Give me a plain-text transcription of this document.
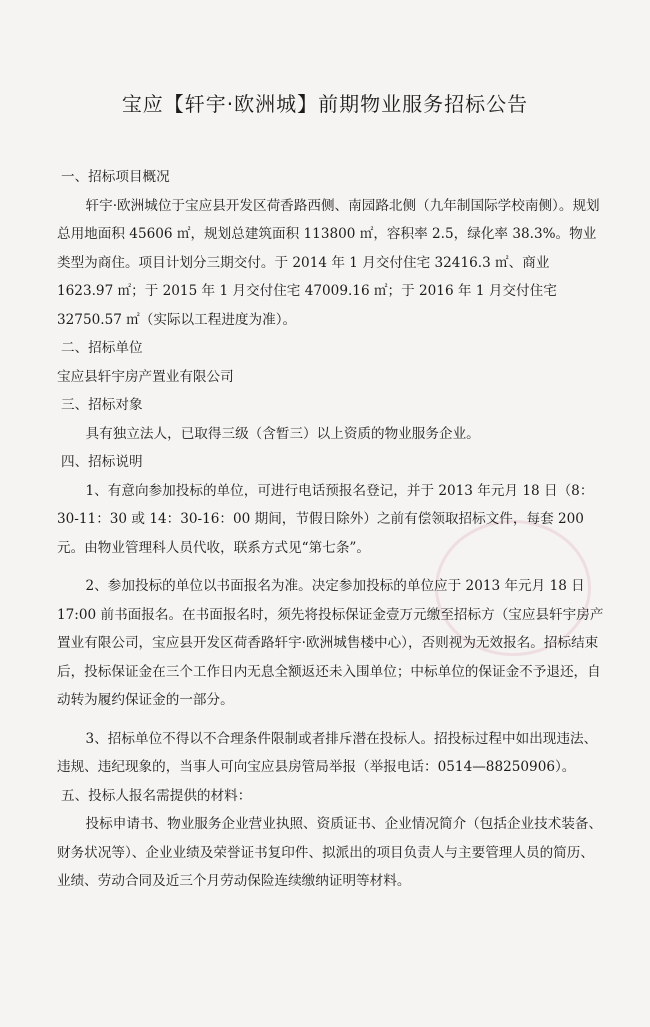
宝应【轩宇·欧洲城】前期物业服务招标公告
一、招标项目概况
轩宇·欧洲城位于宝应县开发区荷香路西侧、南园路北侧（九年制国际学校南侧）。规划总用地面积 45606 ㎡，规划总建筑面积 113800 ㎡，容积率 2.5，绿化率 38.3%。物业类型为商住。项目计划分三期交付。于 2014 年 1 月交付住宅 32416.3 ㎡、商业 1623.97 ㎡；于 2015 年 1 月交付住宅 47009.16 ㎡；于 2016 年 1 月交付住宅 32750.57 ㎡（实际以工程进度为准）。
二、招标单位
宝应县轩宇房产置业有限公司
三、招标对象
具有独立法人，已取得三级（含暂三）以上资质的物业服务企业。
四、招标说明
1、有意向参加投标的单位，可进行电话预报名登记，并于 2013 年元月 18 日（8：30-11：30 或 14：30-16：00 期间，节假日除外）之前有偿领取招标文件，每套 200 元。由物业管理科人员代收，联系方式见“第七条”。
2、参加投标的单位以书面报名为准。决定参加投标的单位应于 2013 年元月 18 日 17:00 前书面报名。在书面报名时，须先将投标保证金壹万元缴至招标方（宝应县轩宇房产置业有限公司，宝应县开发区荷香路轩宇·欧洲城售楼中心），否则视为无效报名。招标结束后，投标保证金在三个工作日内无息全额返还未入围单位；中标单位的保证金不予退还，自动转为履约保证金的一部分。
3、招标单位不得以不合理条件限制或者排斥潜在投标人。招投标过程中如出现违法、违规、违纪现象的，当事人可向宝应县房管局举报（举报电话：0514—88250906）。
五、投标人报名需提供的材料：
投标申请书、物业服务企业营业执照、资质证书、企业情况简介（包括企业技术装备、财务状况等）、企业业绩及荣誉证书复印件、拟派出的项目负责人与主要管理人员的简历、业绩、劳动合同及近三个月劳动保险连续缴纳证明等材料。
